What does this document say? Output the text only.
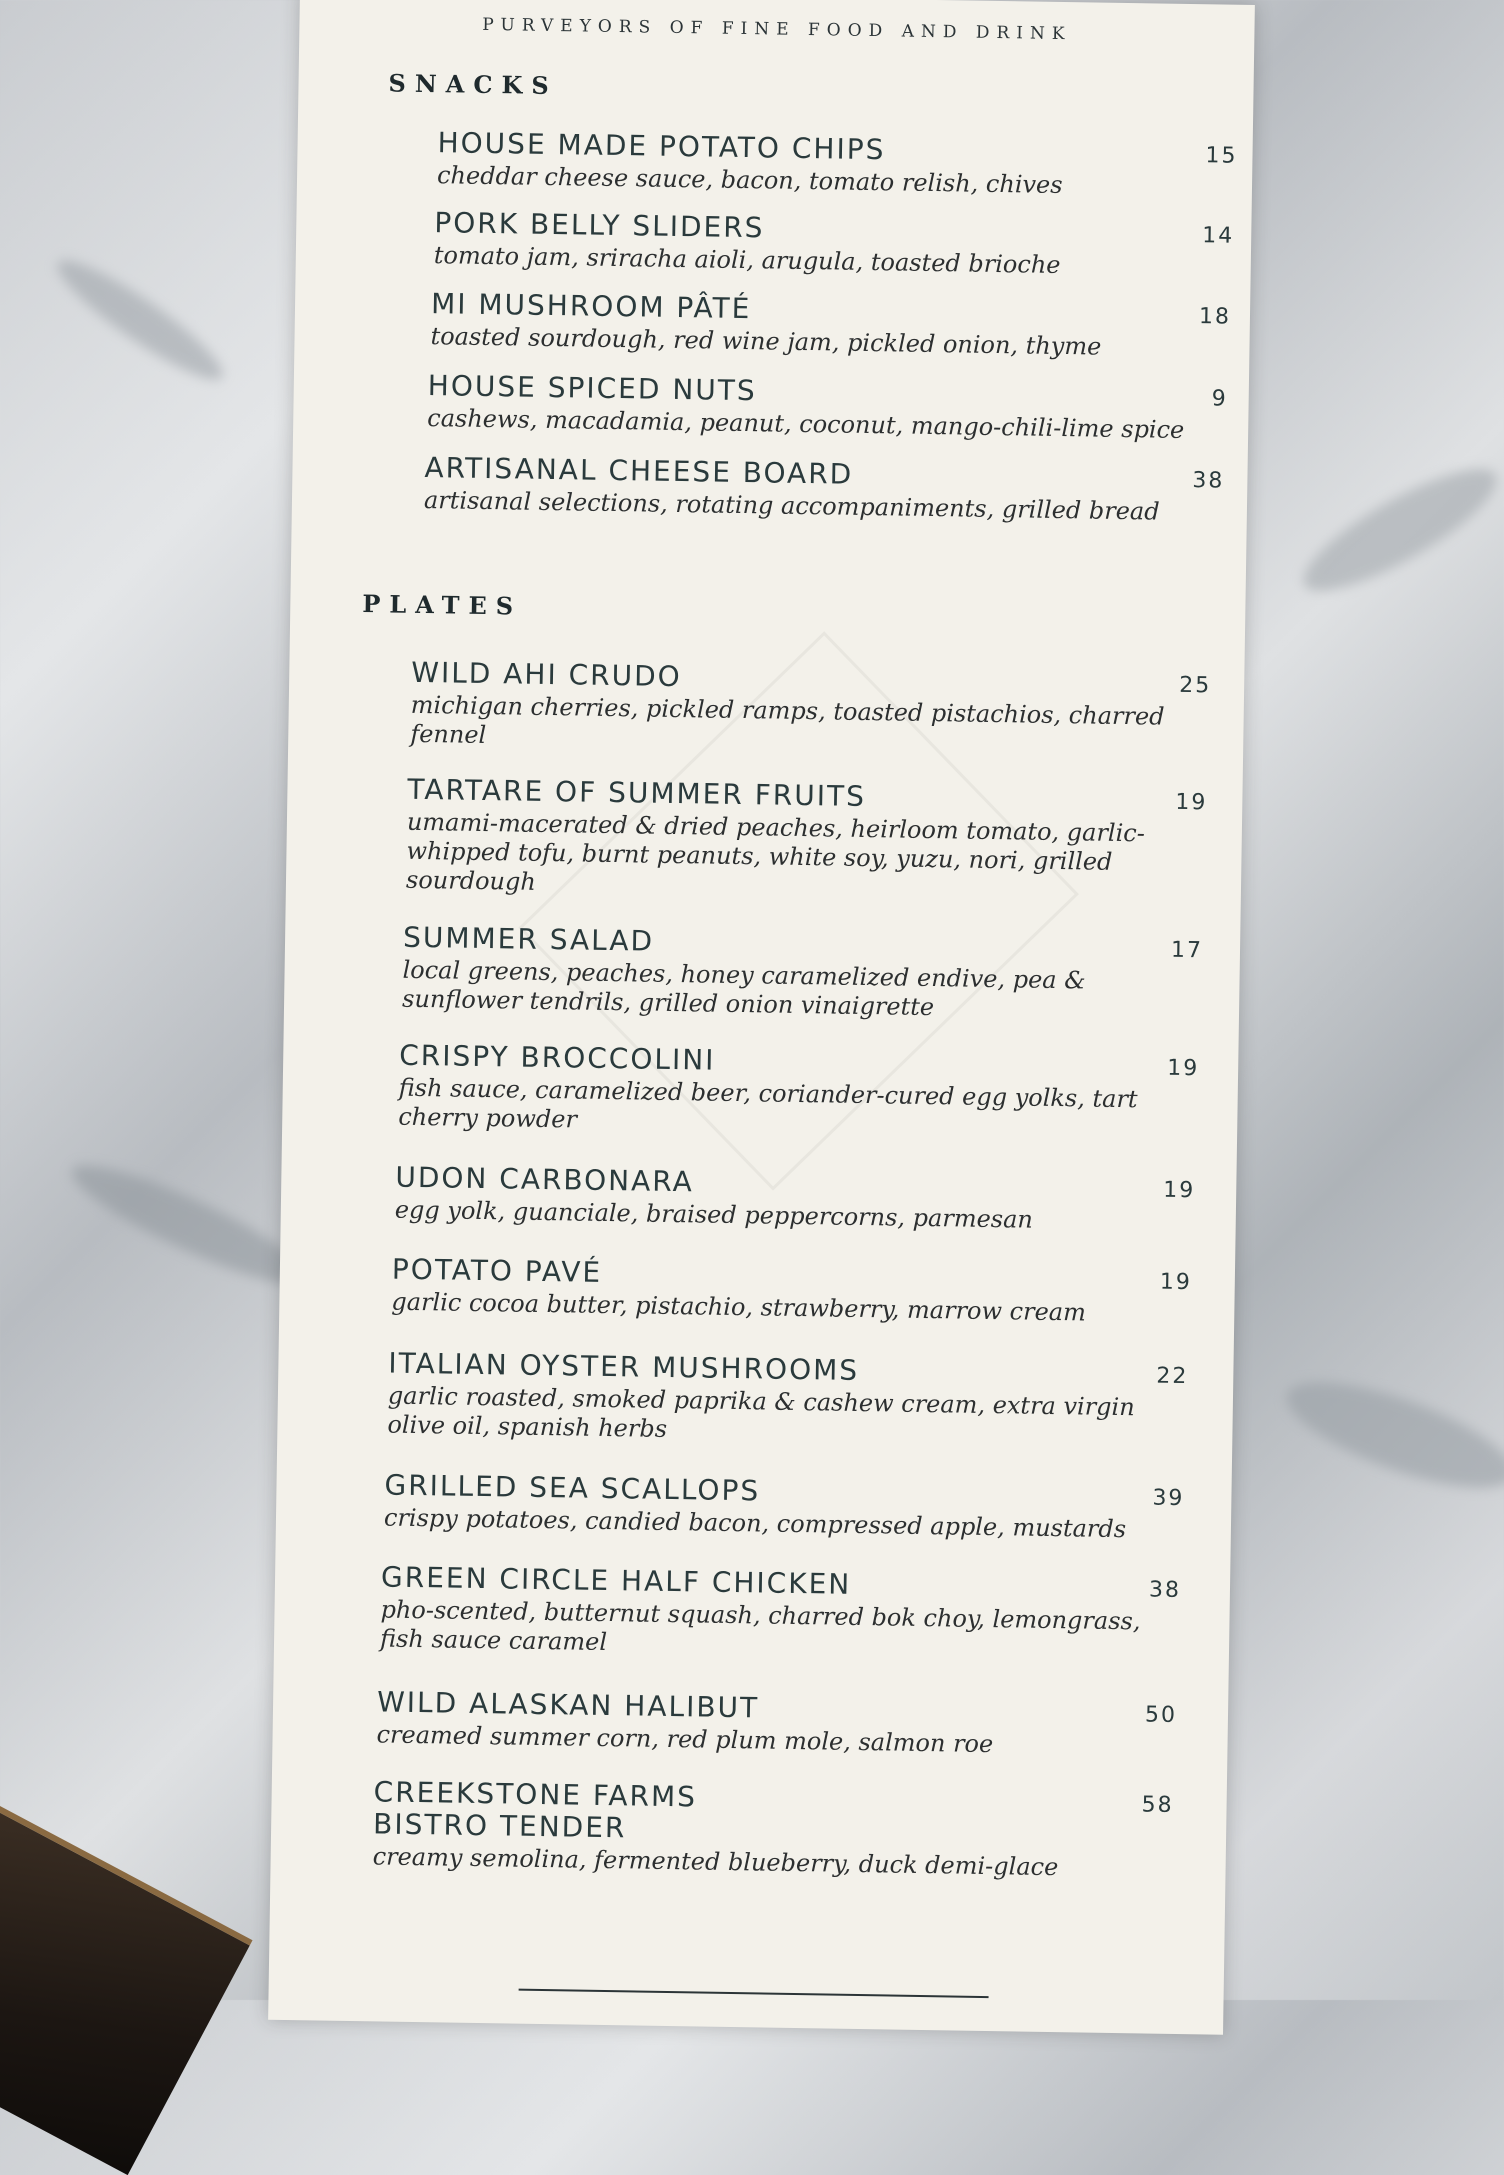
PURVEYORS OF FINE FOOD AND DRINK
SNACKS
HOUSE MADE POTATO CHIPS
cheddar cheese sauce, bacon, tomato relish, chives
15
PORK BELLY SLIDERS
tomato jam, sriracha aioli, arugula, toasted brioche
14
MI MUSHROOM PÂTÉ
toasted sourdough, red wine jam, pickled onion, thyme
18
HOUSE SPICED NUTS
cashews, macadamia, peanut, coconut, mango-chili-lime spice
9
ARTISANAL CHEESE BOARD
artisanal selections, rotating accompaniments, grilled bread
38
PLATES
WILD AHI CRUDO
michigan cherries, pickled ramps, toasted pistachios, charred fennel
25
TARTARE OF SUMMER FRUITS
umami-macerated & dried peaches, heirloom tomato, garlic-whipped tofu, burnt peanuts, white soy, yuzu, nori, grilled sourdough
19
SUMMER SALAD
local greens, peaches, honey caramelized endive, pea & sunflower tendrils, grilled onion vinaigrette
17
CRISPY BROCCOLINI
fish sauce, caramelized beer, coriander-cured egg yolks, tart cherry powder
19
UDON CARBONARA
egg yolk, guanciale, braised peppercorns, parmesan
19
POTATO PAVÉ
garlic cocoa butter, pistachio, strawberry, marrow cream
19
ITALIAN OYSTER MUSHROOMS
garlic roasted, smoked paprika & cashew cream, extra virgin olive oil, spanish herbs
22
GRILLED SEA SCALLOPS
crispy potatoes, candied bacon, compressed apple, mustards
39
GREEN CIRCLE HALF CHICKEN
pho-scented, butternut squash, charred bok choy, lemongrass, fish sauce caramel
38
WILD ALASKAN HALIBUT
creamed summer corn, red plum mole, salmon roe
50
CREEKSTONE FARMS
BISTRO TENDER
creamy semolina, fermented blueberry, duck demi-glace
58
